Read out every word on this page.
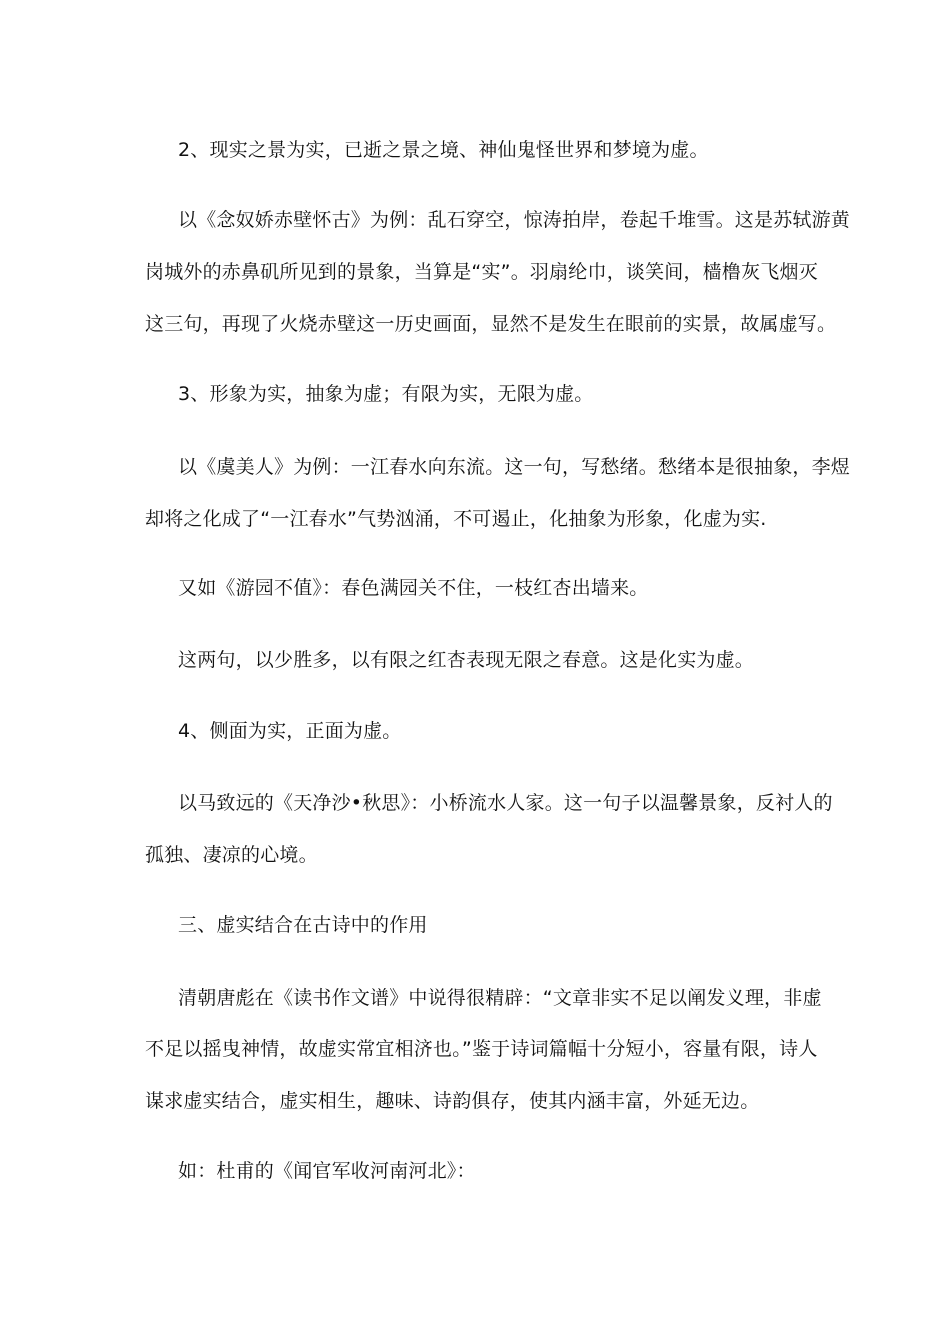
2、现实之景为实，已逝之景之境、神仙鬼怪世界和梦境为虚。
以《念奴娇赤壁怀古》为例：乱石穿空，惊涛拍岸，卷起千堆雪。这是苏轼游黄
岗城外的赤鼻矶所见到的景象，当算是“实”。羽扇纶巾，谈笑间，樯橹灰飞烟灭
这三句，再现了火烧赤壁这一历史画面，显然不是发生在眼前的实景，故属虚写。
3、形象为实，抽象为虚；有限为实，无限为虚。
以《虞美人》为例：一江春水向东流。这一句，写愁绪。愁绪本是很抽象，李煜
却将之化成了“一江春水”气势汹涌，不可遏止，化抽象为形象，化虚为实.
又如《游园不值》：春色满园关不住，一枝红杏出墙来。
这两句，以少胜多，以有限之红杏表现无限之春意。这是化实为虚。
4、侧面为实，正面为虚。
以马致远的《天净沙•秋思》：小桥流水人家。这一句子以温馨景象，反衬人的
孤独、凄凉的心境。
三、虚实结合在古诗中的作用
清朝唐彪在《读书作文谱》中说得很精辟：“文章非实不足以阐发义理，非虚
不足以摇曳神情，故虚实常宜相济也。”鉴于诗词篇幅十分短小，容量有限，诗人
谋求虚实结合，虚实相生，趣味、诗韵俱存，使其内涵丰富，外延无边。
如：杜甫的《闻官军收河南河北》：
